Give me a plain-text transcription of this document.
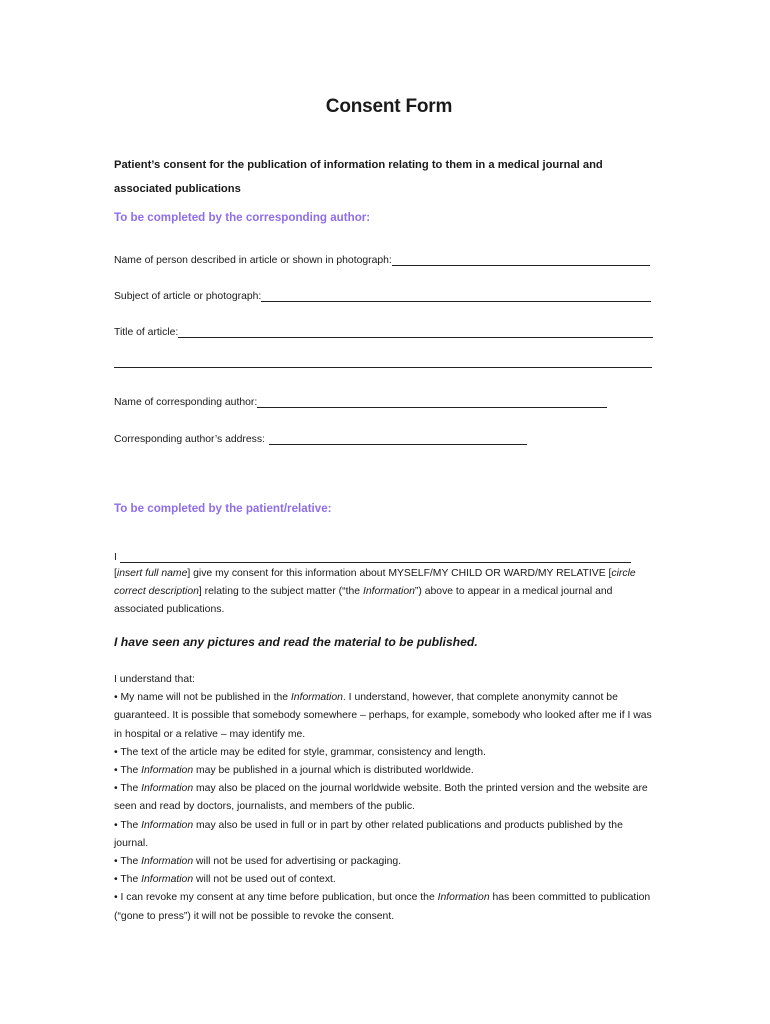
Consent Form
Patient’s consent for the publication of information relating to them in a medical journal and associated publications
To be completed by the corresponding author:
Name of person described in article or shown in photograph:
Subject of article or photograph:
Title of article:
Name of corresponding author:
Corresponding author’s address:
To be completed by the patient/relative:
I
[insert full name] give my consent for this information about MYSELF/MY CHILD OR WARD/MY RELATIVE [circle correct description] relating to the subject matter (“the Information”) above to appear in a medical journal and associated publications.
I have seen any pictures and read the material to be published.

I understand that:

• My name will not be published in the Information. I understand, however, that complete anonymity cannot be guaranteed. It is possible that somebody somewhere – perhaps, for example, somebody who looked after me if I was in hospital or a relative – may identify me.

• The text of the article may be edited for style, grammar, consistency and length.

• The Information may be published in a journal which is distributed worldwide.

• The Information may also be placed on the journal worldwide website. Both the printed version and the website are seen and read by doctors, journalists, and members of the public.

• The Information may also be used in full or in part by other related publications and products published by the journal.

• The Information will not be used for advertising or packaging.

• The Information will not be used out of context.

• I can revoke my consent at any time before publication, but once the Information has been committed to publication (“gone to press”) it will not be possible to revoke the consent.
